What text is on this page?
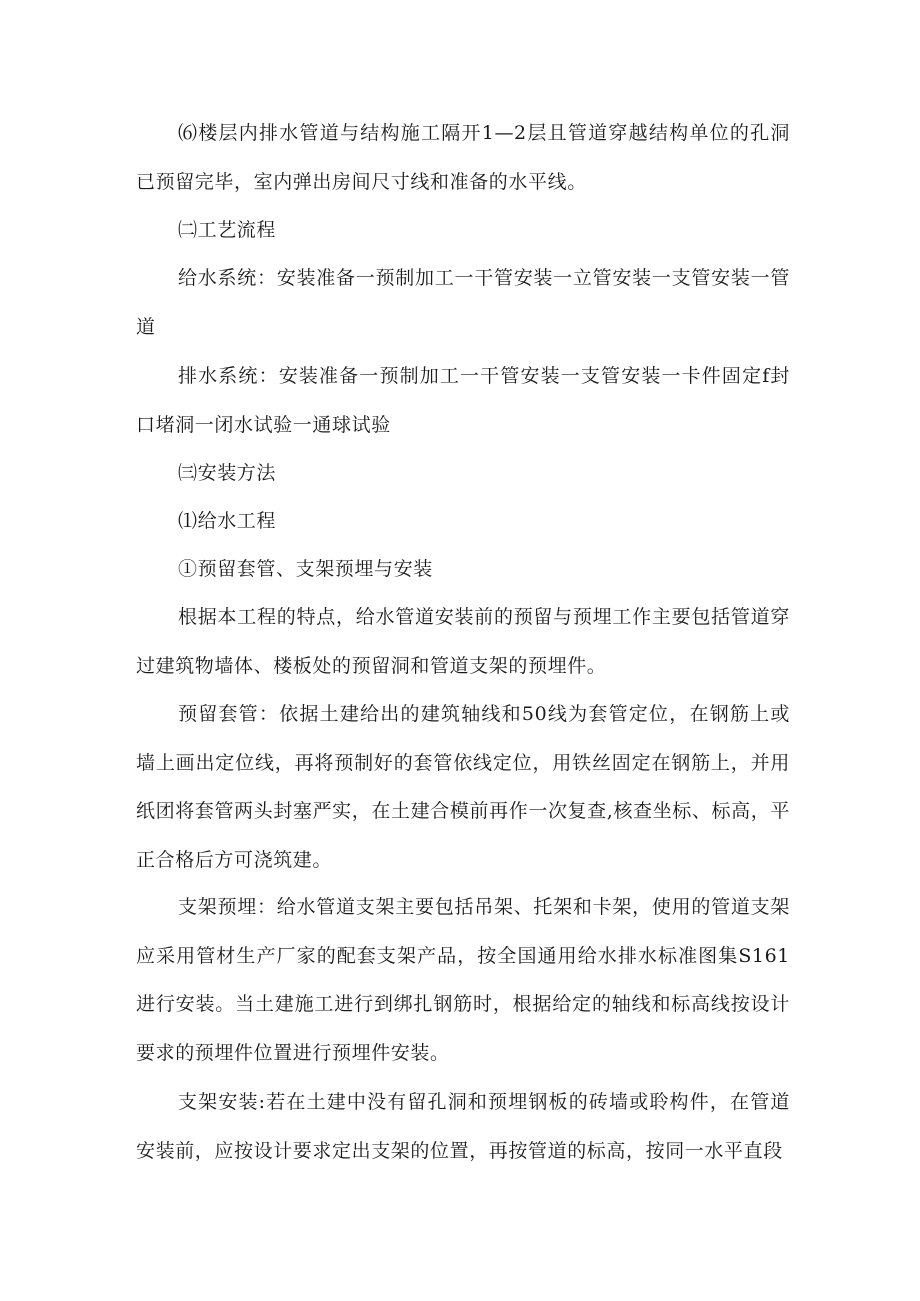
⑹楼层内排水管道与结构施工隔开1—2层且管道穿越结构单位的孔洞已预留完毕，室内弹出房间尺寸线和准备的水平线。

㈡工艺流程

给水系统：安装准备一预制加工一干管安装一立管安装一支管安装一管道

排水系统：安装准备一预制加工一干管安装一支管安装一卡件固定f封口堵洞一闭水试验一通球试验

㈢安装方法

⑴给水工程

①预留套管、支架预埋与安装

根据本工程的特点，给水管道安装前的预留与预埋工作主要包括管道穿过建筑物墙体、楼板处的预留洞和管道支架的预埋件。

预留套管：依据土建给出的建筑轴线和50线为套管定位，在钢筋上或墙上画出定位线，再将预制好的套管依线定位，用铁丝固定在钢筋上，并用纸团将套管两头封塞严实，在土建合模前再作一次复查,核查坐标、标高，平正合格后方可浇筑建。

支架预埋：给水管道支架主要包括吊架、托架和卡架，使用的管道支架应采用管材生产厂家的配套支架产品，按全国通用给水排水标准图集S161进行安装。当土建施工进行到绑扎钢筋时，根据给定的轴线和标高线按设计要求的预埋件位置进行预埋件安装。

支架安装:若在土建中没有留孔洞和预埋钢板的砖墙或聆构件，在管道安装前，应按设计要求定出支架的位置，再按管道的标高，按同一水平直段
